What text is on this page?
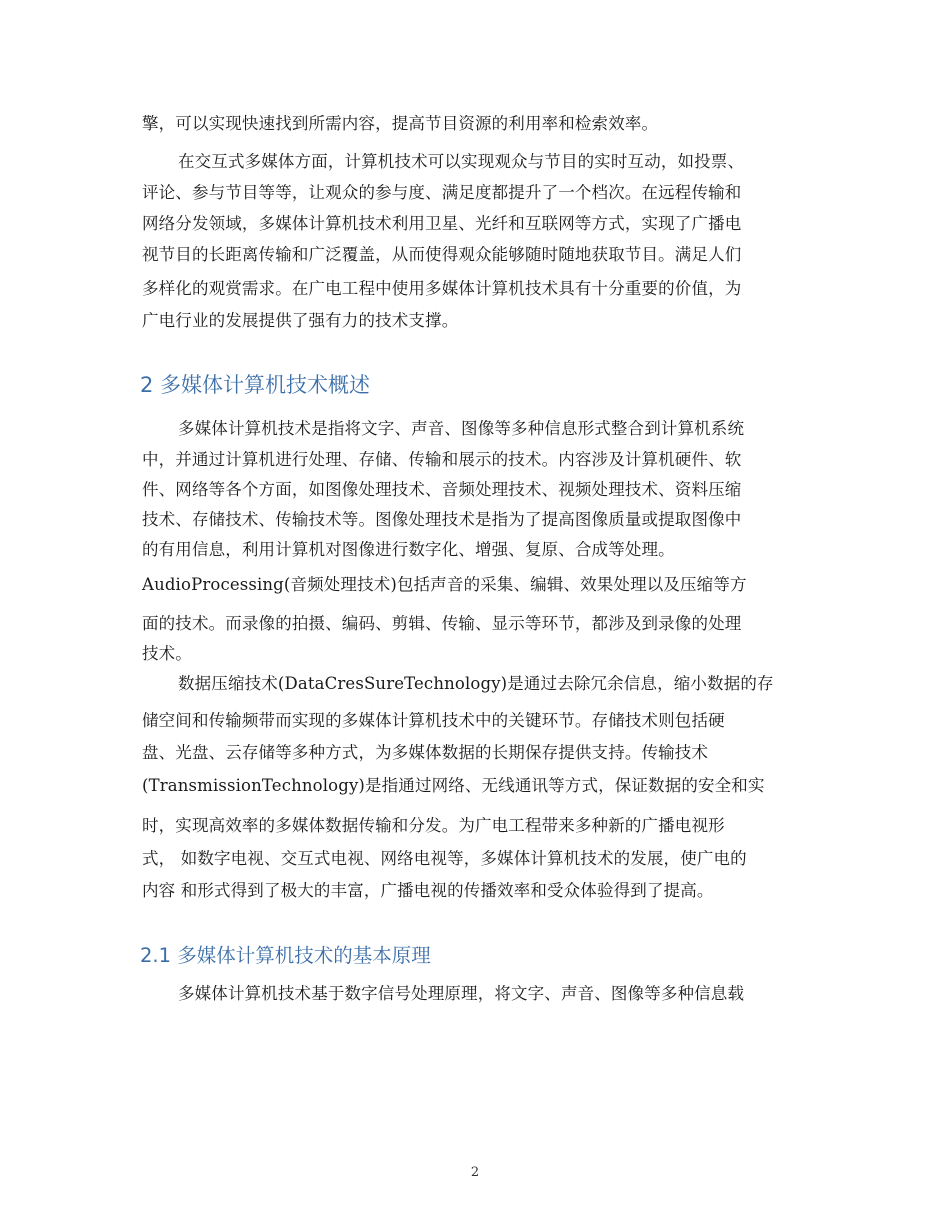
擎，可以实现快速找到所需内容，提高节目资源的利用率和检索效率。
在交互式多媒体方面，计算机技术可以实现观众与节目的实时互动，如投票、
评论、参与节目等等，让观众的参与度、满足度都提升了一个档次。在远程传输和
网络分发领域，多媒体计算机技术利用卫星、光纤和互联网等方式，实现了广播电
视节目的长距离传输和广泛覆盖，从而使得观众能够随时随地获取节目。满足人们
多样化的观赏需求。在广电工程中使用多媒体计算机技术具有十分重要的价值，为
广电行业的发展提供了强有力的技术支撑。
2 多媒体计算机技术概述
多媒体计算机技术是指将文字、声音、图像等多种信息形式整合到计算机系统
中，并通过计算机进行处理、存储、传输和展示的技术。内容涉及计算机硬件、软
件、网络等各个方面，如图像处理技术、音频处理技术、视频处理技术、资料压缩
技术、存储技术、传输技术等。图像处理技术是指为了提高图像质量或提取图像中
的有用信息，利用计算机对图像进行数字化、增强、复原、合成等处理。
AudioProcessing(音频处理技术)包括声音的采集、编辑、效果处理以及压缩等方
面的技术。而录像的拍摄、编码、剪辑、传输、显示等环节，都涉及到录像的处理
技术。
数据压缩技术(DataCresSureTechnology)是通过去除冗余信息，缩小数据的存
储空间和传输频带而实现的多媒体计算机技术中的关键环节。存储技术则包括硬
盘、光盘、云存储等多种方式，为多媒体数据的长期保存提供支持。传输技术
(TransmissionTechnology)是指通过网络、无线通讯等方式，保证数据的安全和实
时，实现高效率的多媒体数据传输和分发。为广电工程带来多种新的广播电视形
式， 如数字电视、交互式电视、网络电视等，多媒体计算机技术的发展，使广电的
内容 和形式得到了极大的丰富，广播电视的传播效率和受众体验得到了提高。
2.1 多媒体计算机技术的基本原理
多媒体计算机技术基于数字信号处理原理，将文字、声音、图像等多种信息载
2
